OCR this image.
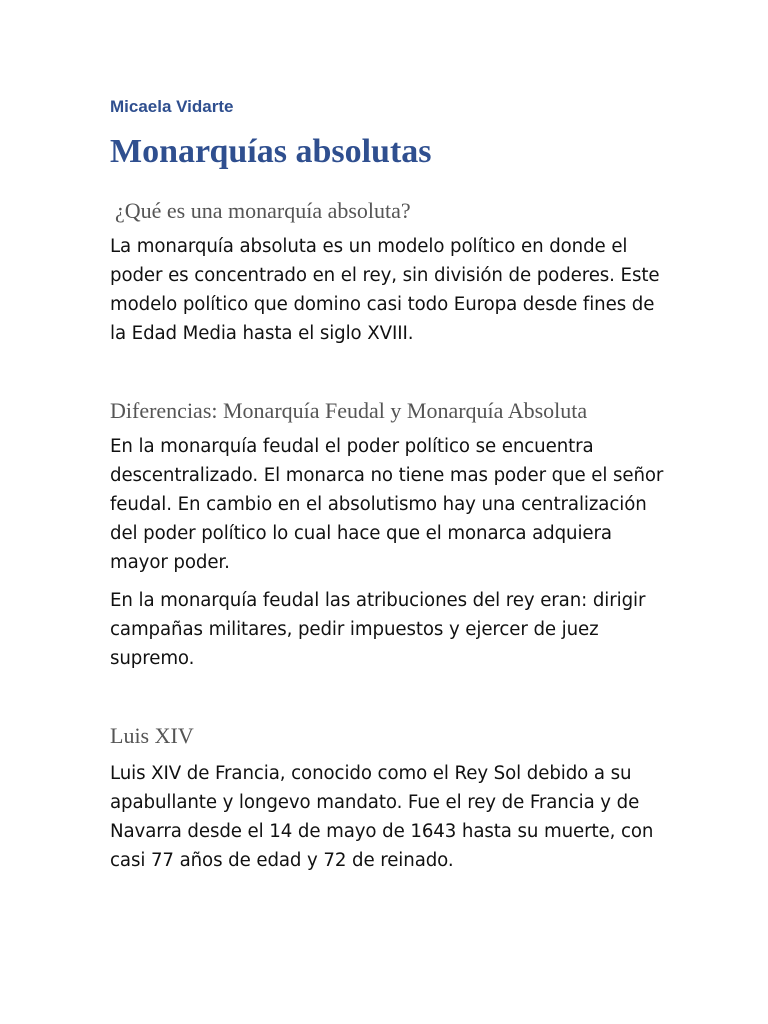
Micaela Vidarte

Monarquías absolutas
¿Qué es una monarquía absoluta?

La monarquía absoluta es un modelo político en donde el poder es concentrado en el rey, sin división de poderes. Este modelo político que domino casi todo Europa desde fines de la Edad Media hasta el siglo XVIII.

Diferencias: Monarquía Feudal y Monarquía Absoluta

En la monarquía feudal el poder político se encuentra descentralizado. El monarca no tiene mas poder que el señor feudal. En cambio en el absolutismo hay una centralización del poder político lo cual hace que el monarca adquiera mayor poder.

En la monarquía feudal las atribuciones del rey eran: dirigir campañas militares, pedir impuestos y ejercer de juez supremo.

Luis XIV

Luis XIV de Francia, conocido como el Rey Sol debido a su apabullante y longevo mandato. Fue el rey de Francia y de Navarra desde el 14 de mayo de 1643 hasta su muerte, con casi 77 años de edad y 72 de reinado.
